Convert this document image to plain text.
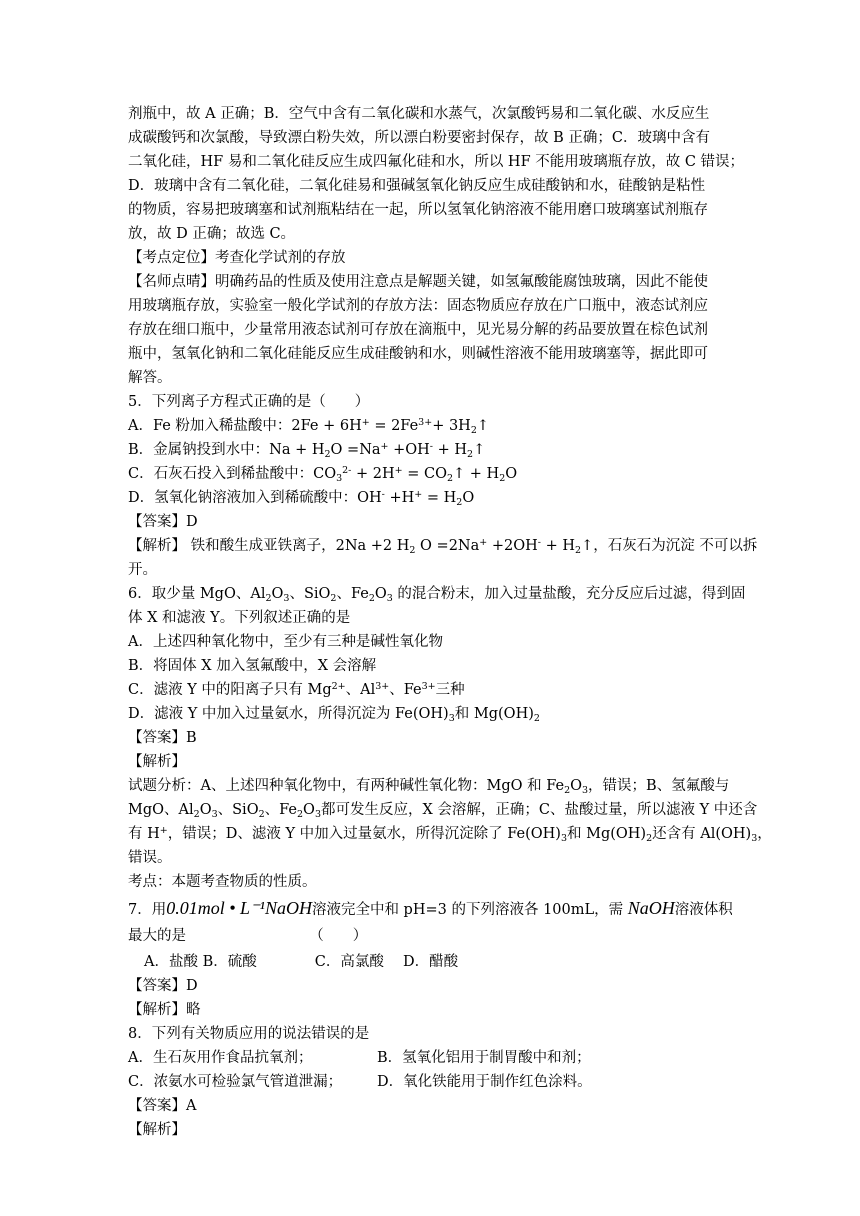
剂瓶中，故 A 正确；B．空气中含有二氧化碳和水蒸气，次氯酸钙易和二氧化碳、水反应生
成碳酸钙和次氯酸，导致漂白粉失效，所以漂白粉要密封保存，故 B 正确；C．玻璃中含有
二氧化硅，HF 易和二氧化硅反应生成四氟化硅和水，所以 HF 不能用玻璃瓶存放，故 C 错误；
D．玻璃中含有二氧化硅，二氧化硅易和强碱氢氧化钠反应生成硅酸钠和水，硅酸钠是粘性
的物质，容易把玻璃塞和试剂瓶粘结在一起，所以氢氧化钠溶液不能用磨口玻璃塞试剂瓶存
放，故 D 正确；故选 C。
【考点定位】考查化学试剂的存放
【名师点晴】明确药品的性质及使用注意点是解题关键，如氢氟酸能腐蚀玻璃，因此不能使
用玻璃瓶存放，实验室一般化学试剂的存放方法：固态物质应存放在广口瓶中，液态试剂应
存放在细口瓶中，少量常用液态试剂可存放在滴瓶中，见光易分解的药品要放置在棕色试剂
瓶中，氢氧化钠和二氧化硅能反应生成硅酸钠和水，则碱性溶液不能用玻璃塞等，据此即可
解答。
5．下列离子方程式正确的是（　　）
A．Fe 粉加入稀盐酸中：$2Fe + 6H^+ = 2Fe^{3+}+$ $3H_2↑$
B．金属钠投到水中：$Na + H_2O =Na^+ +OH^-$ + $H_2↑$
C．石灰石投入到稀盐酸中：$CO_3^{2-} + 2H^+$ = $CO_2↑ + H_2O$
D．氢氧化钠溶液加入到稀硫酸中：$OH^- +H^+ = H_2O$
【答案】D
【解析】 铁和酸生成亚铁离子，2Na +2 $H_2$ $O =2Na^+ +2OH^- + H_2↑$，石灰石为沉淀 不可以拆
开。
6．取少量 MgO、$Al_2O_3$、SiO$_2$、$Fe_2O_3$ 的混合粉末，加入过量盐酸，充分反应后过滤，得到固
体 X 和滤液 Y。下列叙述正确的是
A．上述四种氧化物中，至少有三种是碱性氧化物
B．将固体 X 加入氢氟酸中，X 会溶解
C．滤液 Y 中的阳离子只有 $Mg^{2+}$、$Al^{3+}$、$Fe^{3+}$三种
D．滤液 Y 中加入过量氨水，所得沉淀为 $Fe(OH)_3$和 $Mg(OH)_2$
【答案】B
【解析】
试题分析：A、上述四种氧化物中，有两种碱性氧化物：MgO 和 $Fe_2O_3$，错误；B、氢氟酸与
MgO、$Al_2O_3$、SiO$_2$、$Fe_2O_3$都可发生反应，X 会溶解，正确；C、盐酸过量，所以滤液 Y 中还含
有 H+，错误；D、滤液 Y 中加入过量氨水，所得沉淀除了 $Fe(OH)_3$和 $Mg(OH)_2$还含有 $Al(OH)_3$，
错误。
考点：本题考查物质的性质。
7．用0.01mol • L⁻¹NaOH溶液完全中和 pH=3 的下列溶液各 100mL，需 NaOH溶液体积
最大的是　　　　　　　　　（　　）
A．盐酸 B．硫酸　　　　C．高氯酸　 D．醋酸
【答案】D
【解析】略
8．下列有关物质应用的说法错误的是
A．生石灰用作食品抗氧剂；	B．氢氧化铝用于制胃酸中和剂；
C．浓氨水可检验氯气管道泄漏； D．氧化铁能用于制作红色涂料。
【答案】A
【解析】
